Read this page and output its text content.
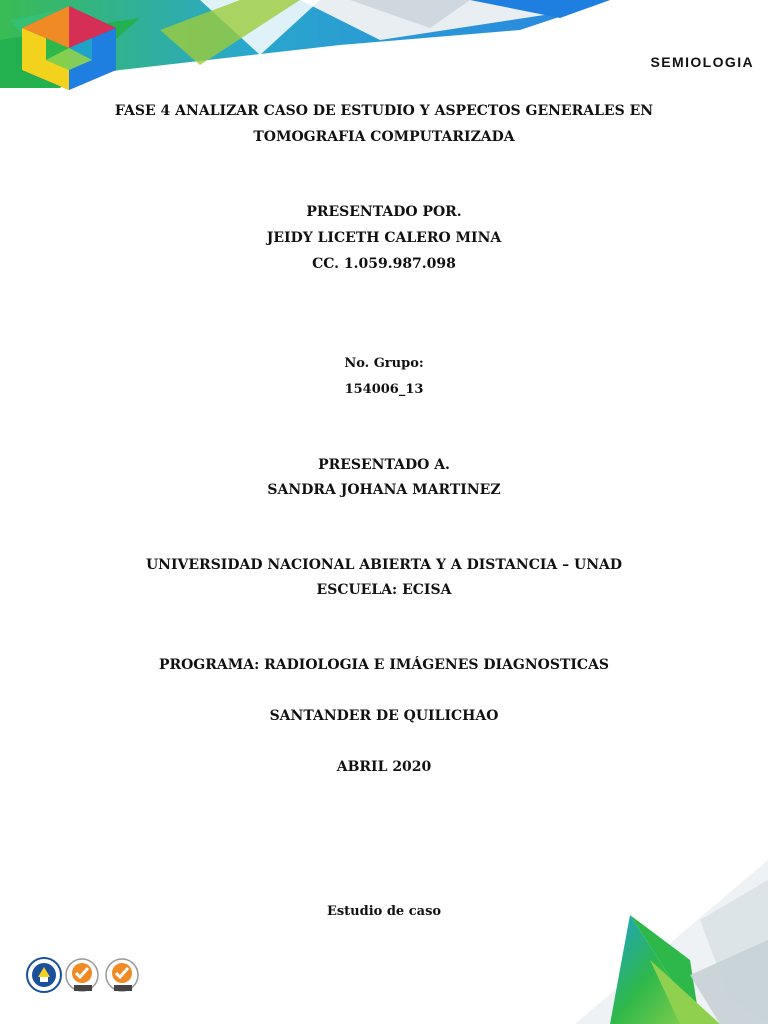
SEMIOLOGIA
FASE 4 ANALIZAR CASO DE ESTUDIO Y ASPECTOS GENERALES EN
TOMOGRAFIA COMPUTARIZADA
PRESENTADO POR.
JEIDY LICETH CALERO MINA
CC. 1.059.987.098
No. Grupo:
154006_13
PRESENTADO A.
SANDRA JOHANA MARTINEZ
UNIVERSIDAD NACIONAL ABIERTA Y A DISTANCIA – UNAD
ESCUELA: ECISA
PROGRAMA: RADIOLOGIA E IMÁGENES DIAGNOSTICAS
SANTANDER DE QUILICHAO
ABRIL 2020
Estudio de caso
